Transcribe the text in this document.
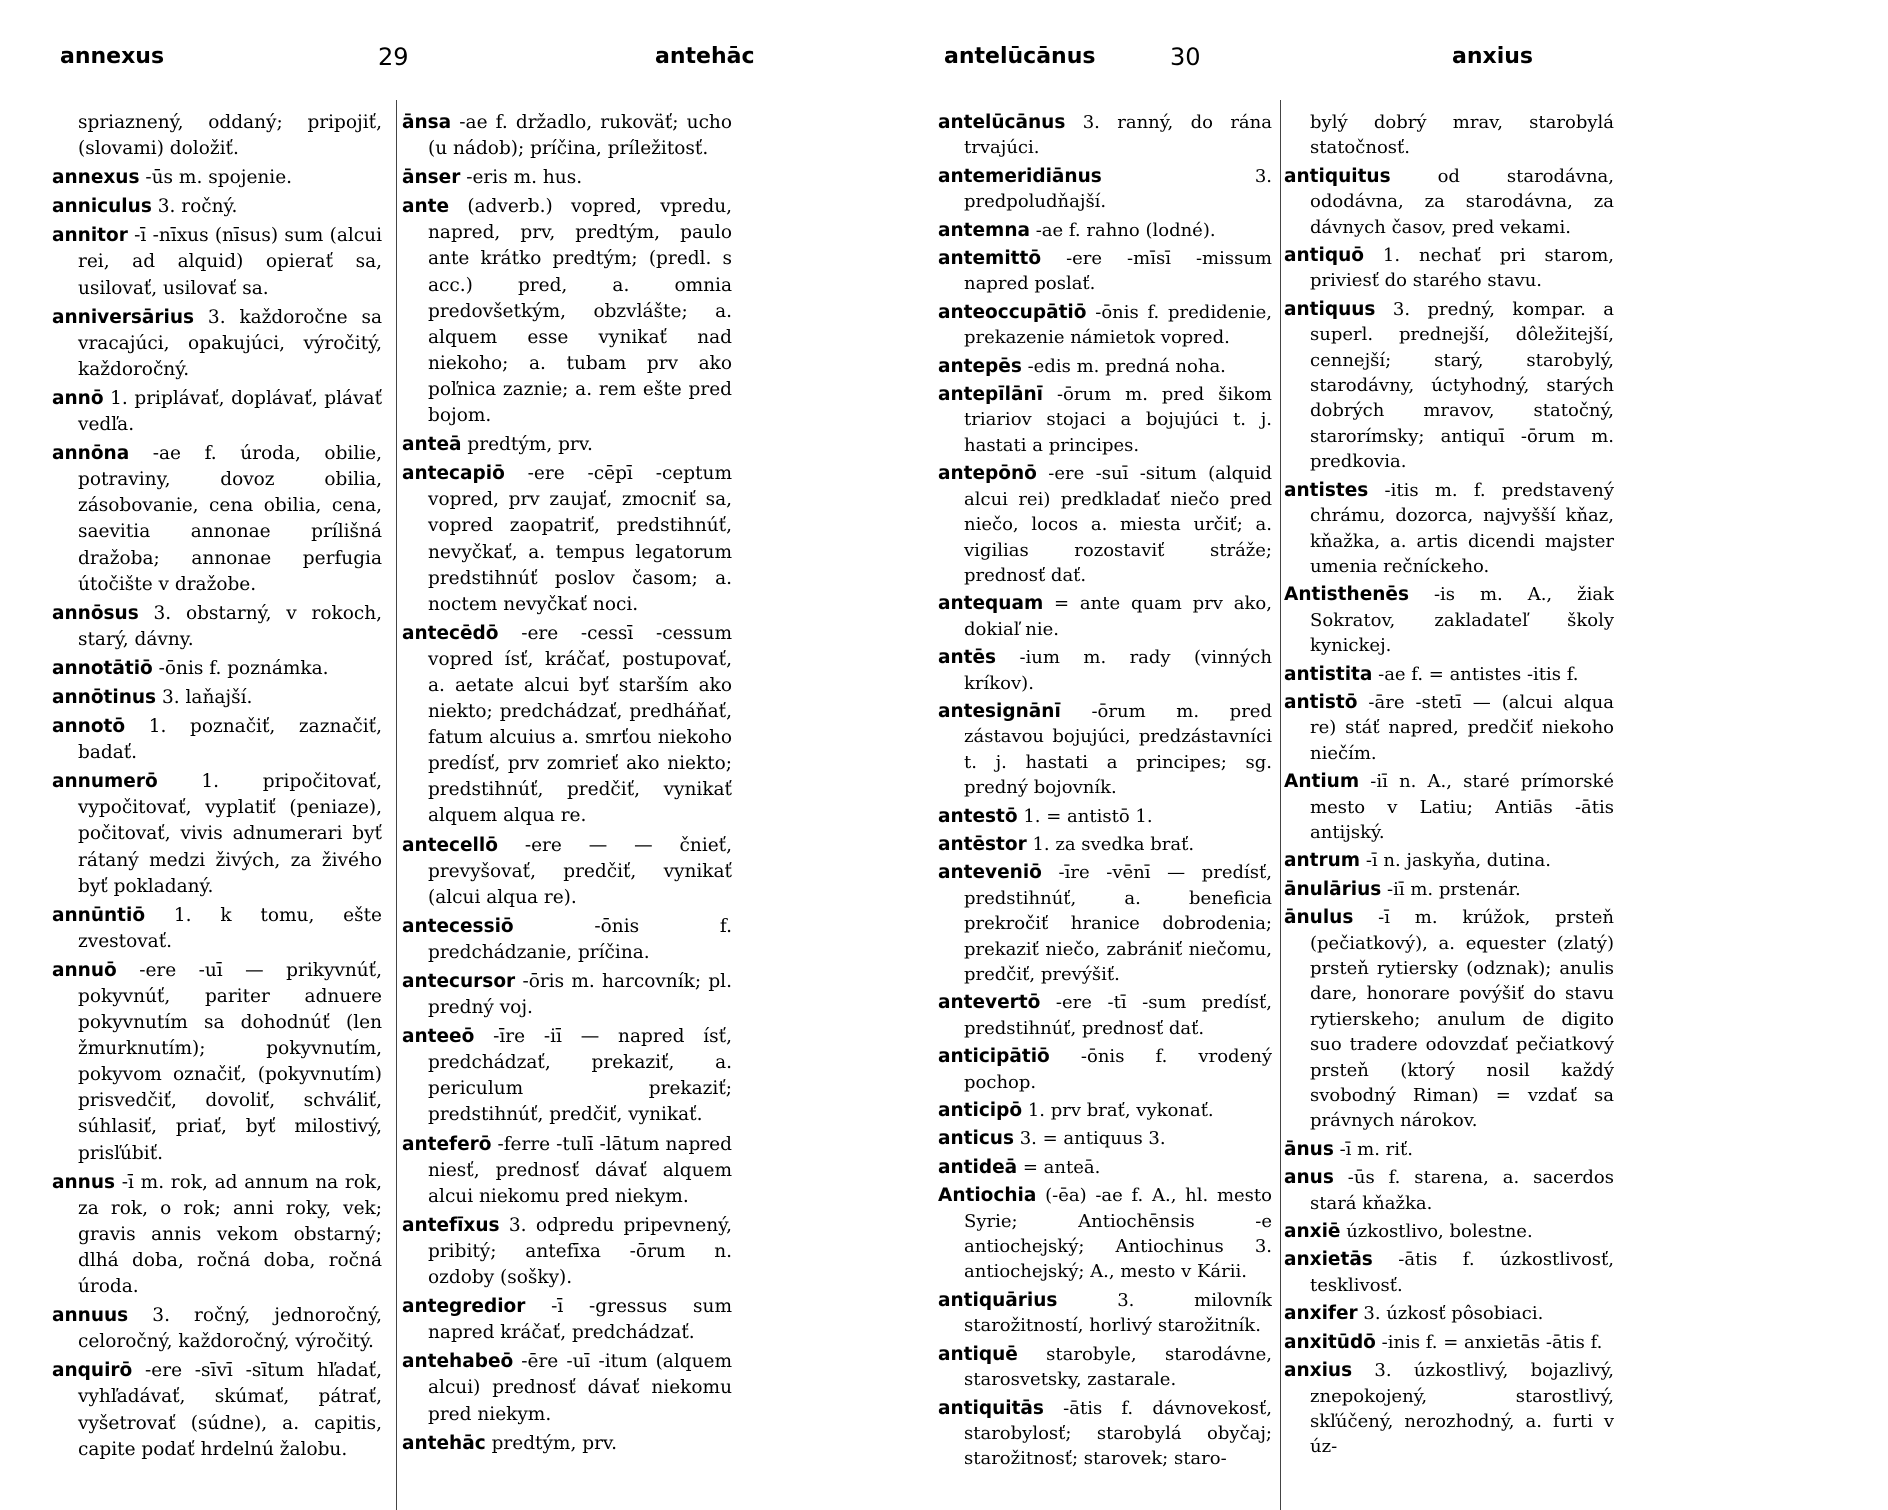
annexus	29	antehāc

spriaznený, oddaný; pripojiť, (slovami) doložiť.

annexus -ūs m. spojenie.

anniculus 3. ročný.

annitor -ī -nīxus (nīsus) sum (alcui rei, ad alquid) opierať sa, usilovať, usilovať sa.

anniversārius 3. každoročne sa vracajúci, opakujúci, výročitý, každoročný.

annō 1. priplávať, doplávať, plávať vedľa.

annōna -ae f. úroda, obilie, potraviny, dovoz obilia, zásobovanie, cena obilia, cena, saevitia annonae prílišná dražoba; annonae perfugia útočište v dražobe.

annōsus 3. obstarný, v rokoch, starý, dávny.

annotātiō -ōnis f. poznámka.

annōtinus 3. laňajší.

annotō 1. poznačiť, zaznačiť, badať.

annumerō 1. pripočitovať, vypočitovať, vyplatiť (peniaze), počitovať, vivis adnumerari byť rátaný medzi živých, za živého byť pokladaný.

annūntiō 1. k tomu, ešte zvestovať.

annuō -ere -uī — prikyvnúť, pokyvnúť, pariter adnuere pokyvnutím sa dohodnúť (len žmurknutím); pokyvnutím, pokyvom označiť, (pokyvnutím) prisvedčiť, dovoliť, schváliť, súhlasiť, priať, byť milostivý, prisľúbiť.

annus -ī m. rok, ad annum na rok, za rok, o rok; anni roky, vek; gravis annis vekom obstarný; dlhá doba, ročná doba, ročná úroda.

annuus 3. ročný, jednoročný, celoročný, každoročný, výročitý.

anquirō -ere -sīvī -sītum hľadať, vyhľadávať, skúmať, pátrať, vyšetrovať (súdne), a. capitis, capite podať hrdelnú žalobu.

ānsa -ae f. držadlo, rukoväť; ucho (u nádob); príčina, príležitosť.

ānser -eris m. hus.

ante (adverb.) vopred, vpredu, napred, prv, predtým, paulo ante krátko predtým; (predl. s acc.) pred, a. omnia predovšetkým, obzvlášte; a. alquem esse vynikať nad niekoho; a. tubam prv ako poľnica zaznie; a. rem ešte pred bojom.

anteā predtým, prv.

antecapiō -ere -cēpī -ceptum vopred, prv zaujať, zmocniť sa, vopred zaopatriť, predstihnúť, nevyčkať, a. tempus legatorum predstihnúť poslov časom; a. noctem nevyčkať noci.

antecēdō -ere -cessī -cessum vopred ísť, kráčať, postupovať, a. aetate alcui byť starším ako niekto; predchádzať, predháňať, fatum alcuius a. smrťou niekoho predísť, prv zomrieť ako niekto; predstihnúť, predčiť, vynikať alquem alqua re.

antecellō -ere — — čnieť, prevyšovať, predčiť, vynikať (alcui alqua re).

antecessiō	-ōnis f. predchádzanie, príčina.

antecursor -ōris m. harcovník; pl. predný voj.

anteeō -īre -iī — napred ísť, predchádzať, prekaziť, a. periculum prekaziť; predstihnúť, predčiť, vynikať.

anteferō -ferre -tulī -lātum napred niesť, prednosť dávať alquem alcui niekomu pred niekym.

antefīxus 3. odpredu pripevnený, pribitý; antefīxa -ōrum n. ozdoby (sošky).

antegredior -ī -gressus sum napred kráčať, predchádzať.

antehabeō -ēre -uī -itum (alquem alcui) prednosť dávať niekomu pred niekym.

antehāc predtým, prv.

antelūcānus	30	anxius

antelūcānus 3. ranný, do rána trvajúci.

antemeridiānus	3. predpoludňajší.

antemna -ae f. rahno (lodné).

antemittō -ere -mīsī -missum napred poslať.

anteoccupātiō -ōnis f. predidenie, prekazenie námietok vopred.

antepēs -edis m. predná noha.

antepīlānī -ōrum m. pred šikom triariov stojaci a bojujúci t. j. hastati a principes.

antepōnō -ere -suī -situm (alquid alcui rei) predkladať niečo pred niečo, locos a. miesta určiť; a. vigilias rozostaviť stráže; prednosť dať.

antequam = ante quam prv ako, dokiaľ nie.

antēs -ium m. rady (vinných kríkov).

antesignānī -ōrum m. pred zástavou bojujúci, predzástavníci t. j. hastati a principes; sg. predný bojovník.

antestō 1. = antistō 1.

antēstor 1. za svedka brať.

anteveniō -īre -vēnī — predísť, predstihnúť, a. beneficia prekročiť hranice dobrodenia; prekaziť niečo, zabrániť niečomu, predčiť, prevýšiť.

antevertō -ere -tī -sum predísť, predstihnúť, prednosť dať.

anticipātiō -ōnis f. vrodený pochop.

anticipō 1. prv brať, vykonať.

anticus 3. = antiquus 3.

antideā = anteā.

Antiochia (-ēa) -ae f. A., hl. mesto Syrie; Antiochēnsis -e antiochejský; Antiochinus 3. antiochejský; A., mesto v Kárii.

antiquārius	3. milovník starožitností, horlivý starožitník.

antiquē starobyle, starodávne, starosvetsky, zastarale.

antiquitās -ātis f. dávnovekosť, starobylosť; starobylá obyčaj; starožitnosť; starovek; staro-

bylý dobrý mrav, starobylá statočnosť.

antiquitus	od starodávna, ododávna, za starodávna, za dávnych časov, pred vekami.

antiquō 1. nechať pri starom, priviesť do starého stavu.

antiquus 3. predný, kompar. a superl. prednejší, dôležitejší, cennejší; starý, starobylý, starodávny, úctyhodný, starých dobrých mravov, statočný, starorímsky; antiquī -ōrum m. predkovia.

antistes -itis m. f. predstavený chrámu, dozorca, najvyšší kňaz, kňažka, a. artis dicendi majster umenia rečníckeho.

Antisthenēs -is m. A., žiak Sokratov, zakladateľ školy kynickej.

antistita -ae f. = antistes -itis f.

antistō -āre -stetī — (alcui alqua re) stáť napred, predčiť niekoho niečím.

Antium -iī n. A., staré prímorské mesto v Latiu; Antiās -ātis antijský.

antrum -ī n. jaskyňa, dutina.

ānulārius -iī m. prstenár.

ānulus -ī m. krúžok, prsteň (pečiatkový), a. equester (zlatý) prsteň rytiersky (odznak); anulis dare, honorare povýšiť do stavu rytierskeho; anulum de digito suo tradere odovzdať pečiatkový prsteň (ktorý nosil každý svobodný Riman) = vzdať sa právnych nárokov.

ānus -ī m. riť.

anus -ūs f. starena, a. sacerdos stará kňažka.

anxiē úzkostlivo, bolestne.

anxietās -ātis f. úzkostlivosť, tesklivosť.

anxifer 3. úzkosť pôsobiaci.

anxitūdō -inis f. = anxietās -ātis f.

anxius 3. úzkostlivý, bojazlivý, znepokojený, starostlivý, skľúčený, nerozhodný, a. furti v úz-
